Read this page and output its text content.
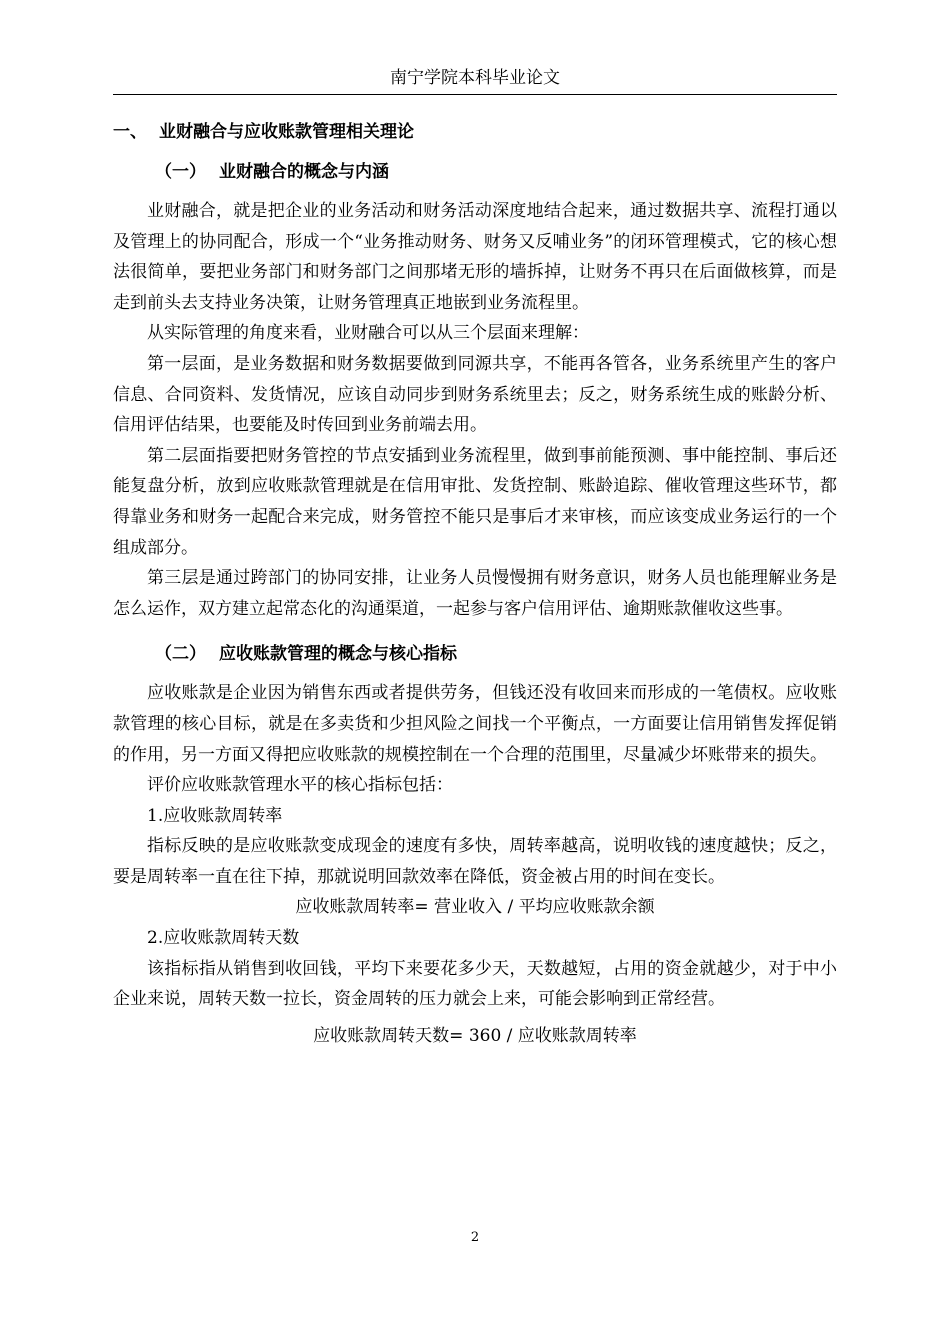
南宁学院本科毕业论文
一、 业财融合与应收账款管理相关理论
（一） 业财融合的概念与内涵

业财融合，就是把企业的业务活动和财务活动深度地结合起来，通过数据共享、流程打通以及管理上的协同配合，形成一个“业务推动财务、财务又反哺业务”的闭环管理模式，它的核心想法很简单，要把业务部门和财务部门之间那堵无形的墙拆掉，让财务不再只在后面做核算，而是走到前头去支持业务决策，让财务管理真正地嵌到业务流程里。

从实际管理的角度来看，业财融合可以从三个层面来理解：

第一层面，是业务数据和财务数据要做到同源共享，不能再各管各，业务系统里产生的客户信息、合同资料、发货情况，应该自动同步到财务系统里去；反之，财务系统生成的账龄分析、信用评估结果，也要能及时传回到业务前端去用。

第二层面指要把财务管控的节点安插到业务流程里，做到事前能预测、事中能控制、事后还能复盘分析，放到应收账款管理就是在信用审批、发货控制、账龄追踪、催收管理这些环节，都得靠业务和财务一起配合来完成，财务管控不能只是事后才来审核，而应该变成业务运行的一个组成部分。

第三层是通过跨部门的协同安排，让业务人员慢慢拥有财务意识，财务人员也能理解业务是怎么运作，双方建立起常态化的沟通渠道，一起参与客户信用评估、逾期账款催收这些事。

（二） 应收账款管理的概念与核心指标

应收账款是企业因为销售东西或者提供劳务，但钱还没有收回来而形成的一笔债权。应收账款管理的核心目标，就是在多卖货和少担风险之间找一个平衡点，一方面要让信用销售发挥促销的作用，另一方面又得把应收账款的规模控制在一个合理的范围里，尽量减少坏账带来的损失。

评价应收账款管理水平的核心指标包括：

1.应收账款周转率

指标反映的是应收账款变成现金的速度有多快，周转率越高，说明收钱的速度越快；反之，要是周转率一直在往下掉，那就说明回款效率在降低，资金被占用的时间在变长。

应收账款周转率= 营业收入 / 平均应收账款余额

2.应收账款周转天数

该指标指从销售到收回钱，平均下来要花多少天，天数越短，占用的资金就越少，对于中小企业来说，周转天数一拉长，资金周转的压力就会上来，可能会影响到正常经营。

应收账款周转天数= 360 / 应收账款周转率

2
